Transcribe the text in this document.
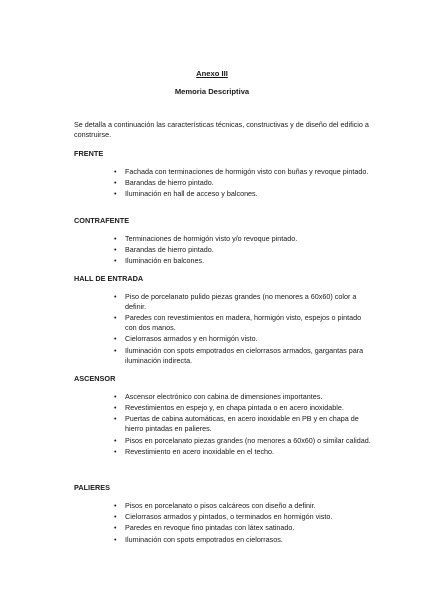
Anexo III
Memoria Descriptiva
Se detalla a continuación las características técnicas, constructivas y de diseño del edificio a construirse.
FRENTE
• Fachada con terminaciones de hormigón visto con buñas y revoque pintado.
• Barandas de hierro pintado.
• Iluminación en hall de acceso y balcones.
CONTRAFENTE
• Terminaciones de hormigón visto y/o revoque pintado.
• Barandas de hierro pintado.
• Iluminación en balcones.
HALL DE ENTRADA
• Piso de porcelanato pulido piezas grandes (no menores a 60x60) color a definir.
• Paredes con revestimientos en madera, hormigón visto, espejos o pintado con dos manos.
• Cielorrasos armados y en hormigón visto.
• Iluminación con spots empotrados en cielorrasos armados, gargantas para iluminación indirecta.
ASCENSOR
• Ascensor electrónico con cabina de dimensiones importantes.
• Revestimientos en espejo y, en chapa pintada o en acero inoxidable.
• Puertas de cabina automáticas, en acero inoxidable en PB y en chapa de hierro pintadas en palieres.
• Pisos en porcelanato piezas grandes (no menores a 60x60) o similar calidad.
• Revestimiento en acero inoxidable en el techo.
PALIERES
• Pisos en porcelanato o pisos calcáreos con diseño a definir.
• Cielorrasos armados y pintados, o terminados en hormigón visto.
• Paredes en revoque fino pintadas con látex satinado.
• Iluminación con spots empotrados en cielorrasos.
